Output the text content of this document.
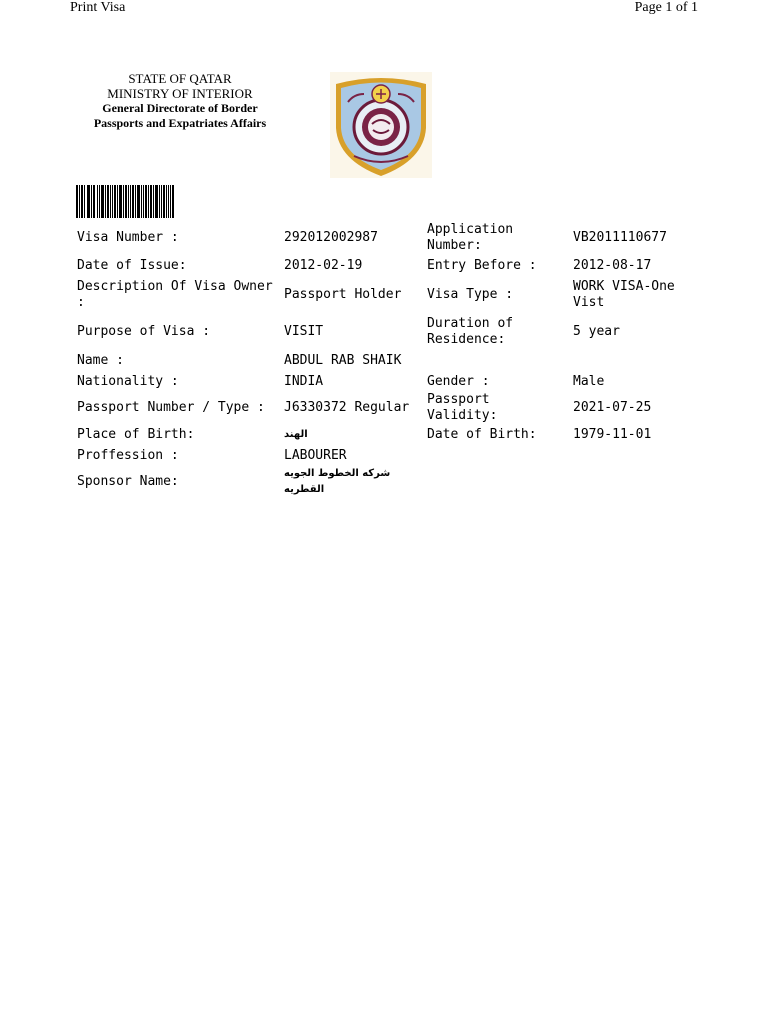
Print Visa	Page 1 of 1
STATE OF QATAR
MINISTRY OF INTERIOR
General Directorate of Border
Passports and Expatriates Affairs
Visa Number :	292012002987	Application Number:	VB2011110677
Date of Issue:	2012-02-19	Entry Before :	2012-08-17
Description Of Visa Owner :	Passport Holder	Visa Type :	WORK VISA-One Vist
Purpose of Visa :	VISIT	Duration of Residence:	5 year
Name :	ABDUL RAB SHAIK		
Nationality :	INDIA	Gender :	Male
Passport Number / Type :	J6330372 Regular	Passport Validity:	2021-07-25
Place of Birth:	الهند	Date of Birth:	1979-11-01
Proffession :	LABOURER		
Sponsor Name:	شركه الخطوط الجويه القطريه		
